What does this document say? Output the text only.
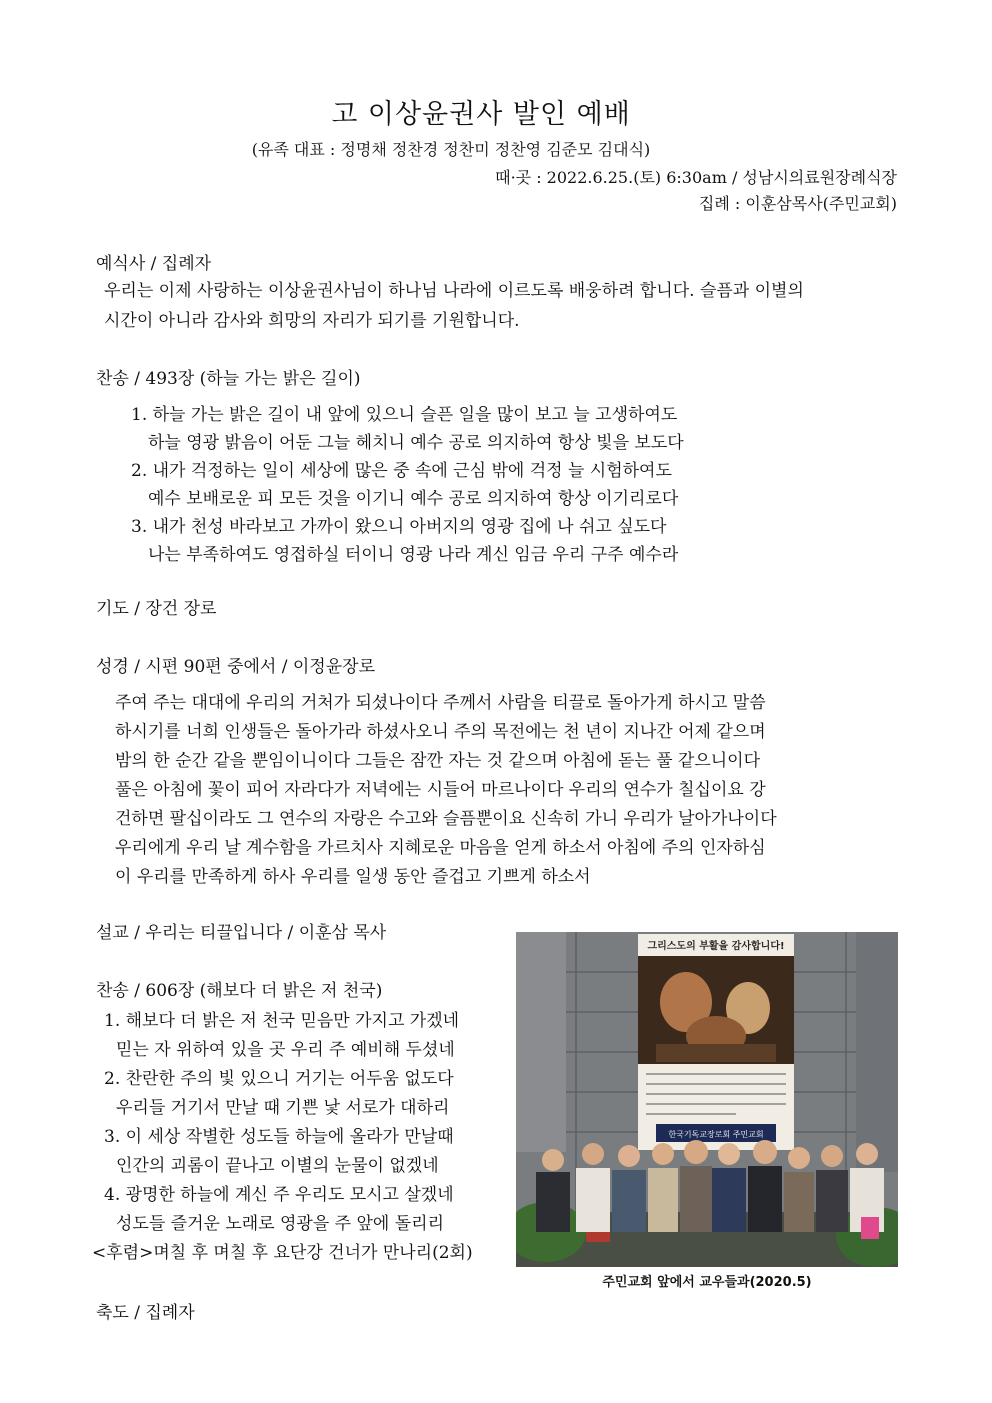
고 이상윤권사 발인 예배
(유족 대표 : 정명채 정찬경 정찬미 정찬영 김준모 김대식)
때·곳 : 2022.6.25.(토) 6:30am / 성남시의료원장례식장
집례 : 이훈삼목사(주민교회)
예식사 / 집례자
우리는 이제 사랑하는 이상윤권사님이 하나님 나라에 이르도록 배웅하려 합니다. 슬픔과 이별의
시간이 아니라 감사와 희망의 자리가 되기를 기원합니다.
찬송 / 493장 (하늘 가는 밝은 길이)
1. 하늘 가는 밝은 길이 내 앞에 있으니 슬픈 일을 많이 보고 늘 고생하여도
하늘 영광 밝음이 어둔 그늘 헤치니 예수 공로 의지하여 항상 빛을 보도다
2. 내가 걱정하는 일이 세상에 많은 중 속에 근심 밖에 걱정 늘 시험하여도
예수 보배로운 피 모든 것을 이기니 예수 공로 의지하여 항상 이기리로다
3. 내가 천성 바라보고 가까이 왔으니 아버지의 영광 집에 나 쉬고 싶도다
나는 부족하여도 영접하실 터이니 영광 나라 계신 임금 우리 구주 예수라
기도 / 장건 장로
성경 / 시편 90편 중에서 / 이정윤장로
주여 주는 대대에 우리의 거처가 되셨나이다 주께서 사람을 티끌로 돌아가게 하시고 말씀
하시기를 너희 인생들은 돌아가라 하셨사오니 주의 목전에는 천 년이 지나간 어제 같으며
밤의 한 순간 같을 뿐임이니이다 그들은 잠깐 자는 것 같으며 아침에 돋는 풀 같으니이다
풀은 아침에 꽃이 피어 자라다가 저녁에는 시들어 마르나이다 우리의 연수가 칠십이요 강
건하면 팔십이라도 그 연수의 자랑은 수고와 슬픔뿐이요 신속히 가니 우리가 날아가나이다
우리에게 우리 날 계수함을 가르치사 지혜로운 마음을 얻게 하소서 아침에 주의 인자하심
이 우리를 만족하게 하사 우리를 일생 동안 즐겁고 기쁘게 하소서
설교 / 우리는 티끌입니다 / 이훈삼 목사
찬송 / 606장 (해보다 더 밝은 저 천국)
1. 해보다 더 밝은 저 천국 믿음만 가지고 가겠네
믿는 자 위하여 있을 곳 우리 주 예비해 두셨네
2. 찬란한 주의 빛 있으니 거기는 어두움 없도다
우리들 거기서 만날 때 기쁜 낯 서로가 대하리
3. 이 세상 작별한 성도들 하늘에 올라가 만날때
인간의 괴롬이 끝나고 이별의 눈물이 없겠네
4. 광명한 하늘에 계신 주 우리도 모시고 살겠네
성도들 즐거운 노래로 영광을 주 앞에 돌리리
<후렴>며칠 후 며칠 후 요단강 건너가 만나리(2회)
축도 / 집례자
그리스도의 부활을 감사합니다!
한국기독교장로회 주민교회
주민교회 앞에서 교우들과(2020.5)
